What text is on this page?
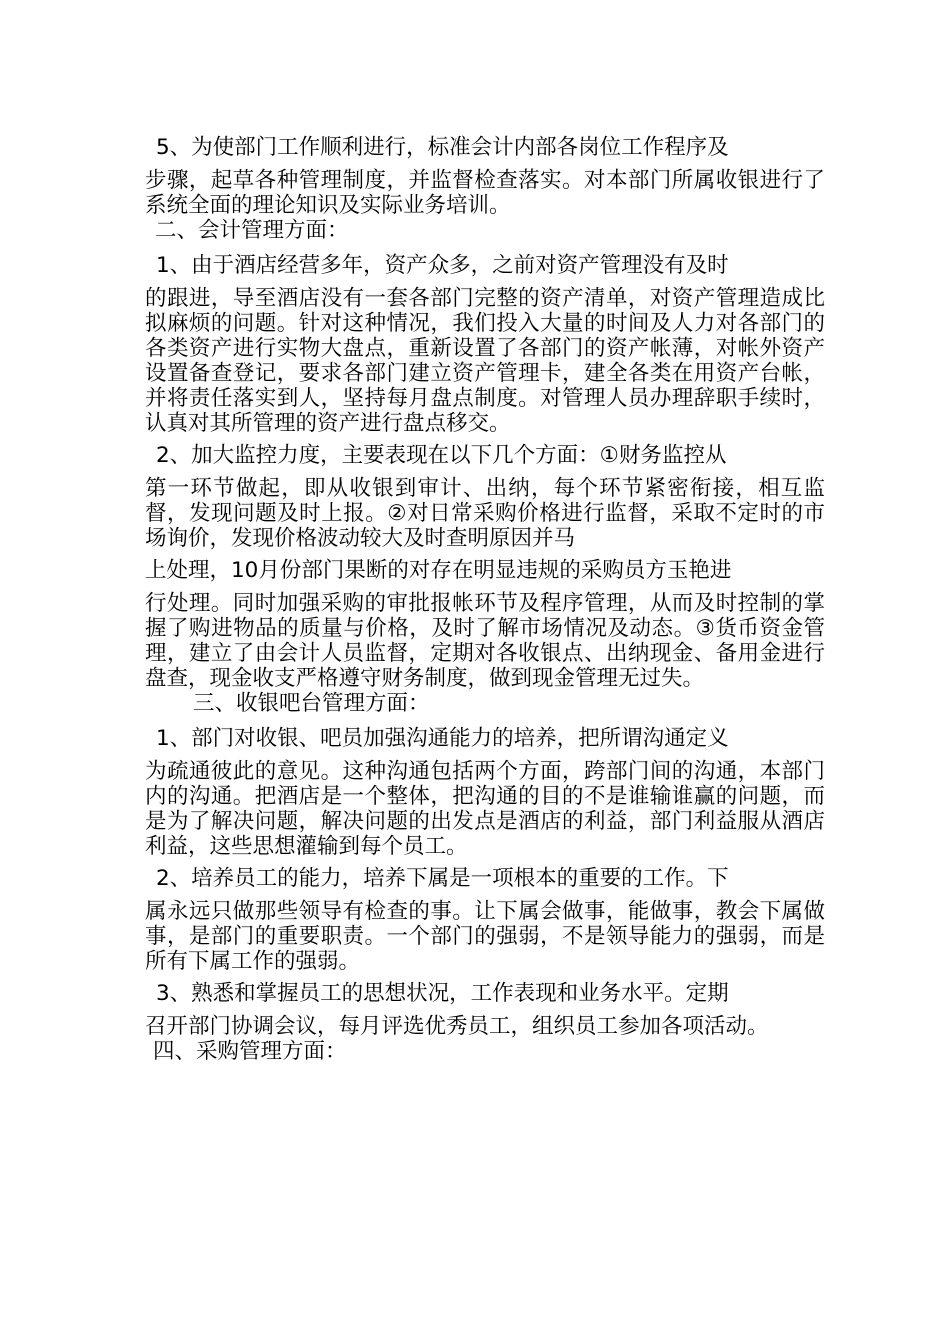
5、为使部门工作顺利进行，标准会计内部各岗位工作程序及
步骤，起草各种管理制度，并监督检查落实。对本部门所属收银进行了系统全面的理论知识及实际业务培训。
二、会计管理方面：
1、由于酒店经营多年，资产众多，之前对资产管理没有及时
的跟进，导至酒店没有一套各部门完整的资产清单，对资产管理造成比拟麻烦的问题。针对这种情况，我们投入大量的时间及人力对各部门的各类资产进行实物大盘点，重新设置了各部门的资产帐薄，对帐外资产设置备查登记，要求各部门建立资产管理卡，建全各类在用资产台帐，并将责任落实到人，坚持每月盘点制度。对管理人员办理辞职手续时，认真对其所管理的资产进行盘点移交。
2、加大监控力度，主要表现在以下几个方面：①财务监控从
第一环节做起，即从收银到审计、出纳，每个环节紧密衔接，相互监督，发现问题及时上报。②对日常采购价格进行监督，采取不定时的市场询价，发现价格波动较大及时查明原因并马
上处理，10月份部门果断的对存在明显违规的采购员方玉艳进
行处理。同时加强采购的审批报帐环节及程序管理，从而及时控制的掌握了购进物品的质量与价格，及时了解市场情况及动态。③货币资金管理，建立了由会计人员监督，定期对各收银点、出纳现金、备用金进行盘查，现金收支严格遵守财务制度，做到现金管理无过失。
三、收银吧台管理方面：
1、部门对收银、吧员加强沟通能力的培养，把所谓沟通定义
为疏通彼此的意见。这种沟通包括两个方面，跨部门间的沟通，本部门内的沟通。把酒店是一个整体，把沟通的目的不是谁输谁赢的问题，而是为了解决问题，解决问题的出发点是酒店的利益，部门利益服从酒店利益，这些思想灌输到每个员工。
2、培养员工的能力，培养下属是一项根本的重要的工作。下
属永远只做那些领导有检查的事。让下属会做事，能做事，教会下属做事，是部门的重要职责。一个部门的强弱，不是领导能力的强弱，而是所有下属工作的强弱。
3、熟悉和掌握员工的思想状况，工作表现和业务水平。定期
召开部门协调会议，每月评选优秀员工，组织员工参加各项活动。
四、采购管理方面：
